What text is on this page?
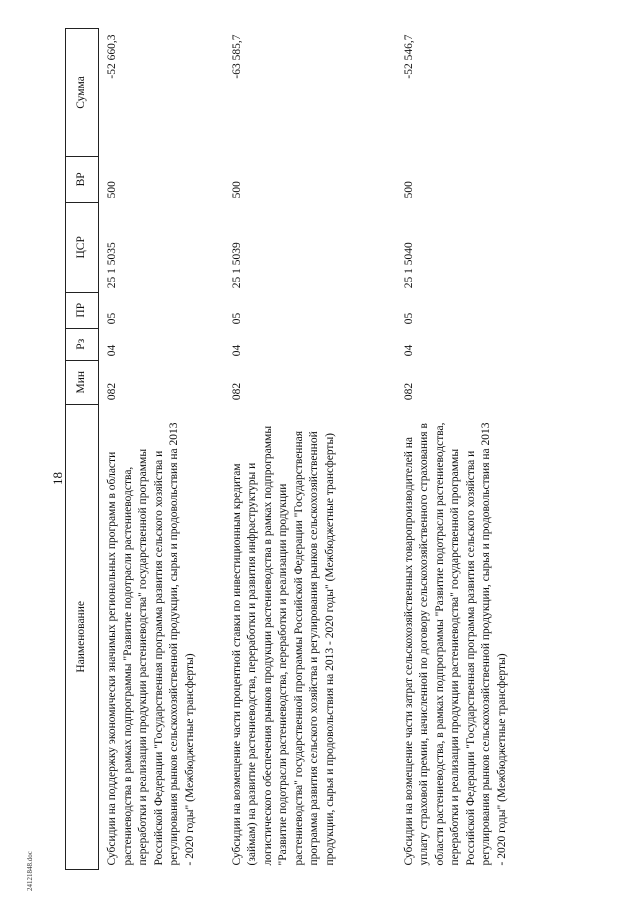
18
24121848.doc
Наименование	Мин	Рз	ПР	ЦСР	ВР	Сумма
Субсидии на поддержку экономически значимых региональных программ в области растениеводства в рамках подпрограммы "Развитие подотрасли растениеводства, переработки и реализации продукции растениеводства" государственной программы Российской Федерации "Государственная программа развития сельского хозяйства и регулирования рынков сельскохозяйственной продукции, сырья и продовольствия на 2013 - 2020 годы" (Межбюджетные трансферты)	082	04	05	25 1 5035	500	-52 660,3
Субсидии на возмещение части процентной ставки по инвестиционным кредитам (займам) на развитие растениеводства, переработки и развития инфраструктуры и логистического обеспечения рынков продукции растениеводства в рамках подпрограммы "Развитие подотрасли растениеводства, переработки и реализации продукции растениеводства" государственной программы Российской Федерации "Государственная программа развития сельского хозяйства и регулирования рынков сельскохозяйственной продукции, сырья и продовольствия на 2013 - 2020 годы" (Межбюджетные трансферты)	082	04	05	25 1 5039	500	-63 585,7
Субсидии на возмещение части затрат сельскохозяйственных товаропроизводителей на уплату страховой премии, начисленной по договору сельскохозяйственного страхования в области растениеводства, в рамках подпрограммы "Развитие подотрасли растениеводства, переработки и реализации продукции растениеводства" государственной программы Российской Федерации "Государственная программа развития сельского хозяйства и регулирования рынков сельскохозяйственной продукции, сырья и продовольствия на 2013 - 2020 годы" (Межбюджетные трансферты)	082	04	05	25 1 5040	500	-52 546,7
